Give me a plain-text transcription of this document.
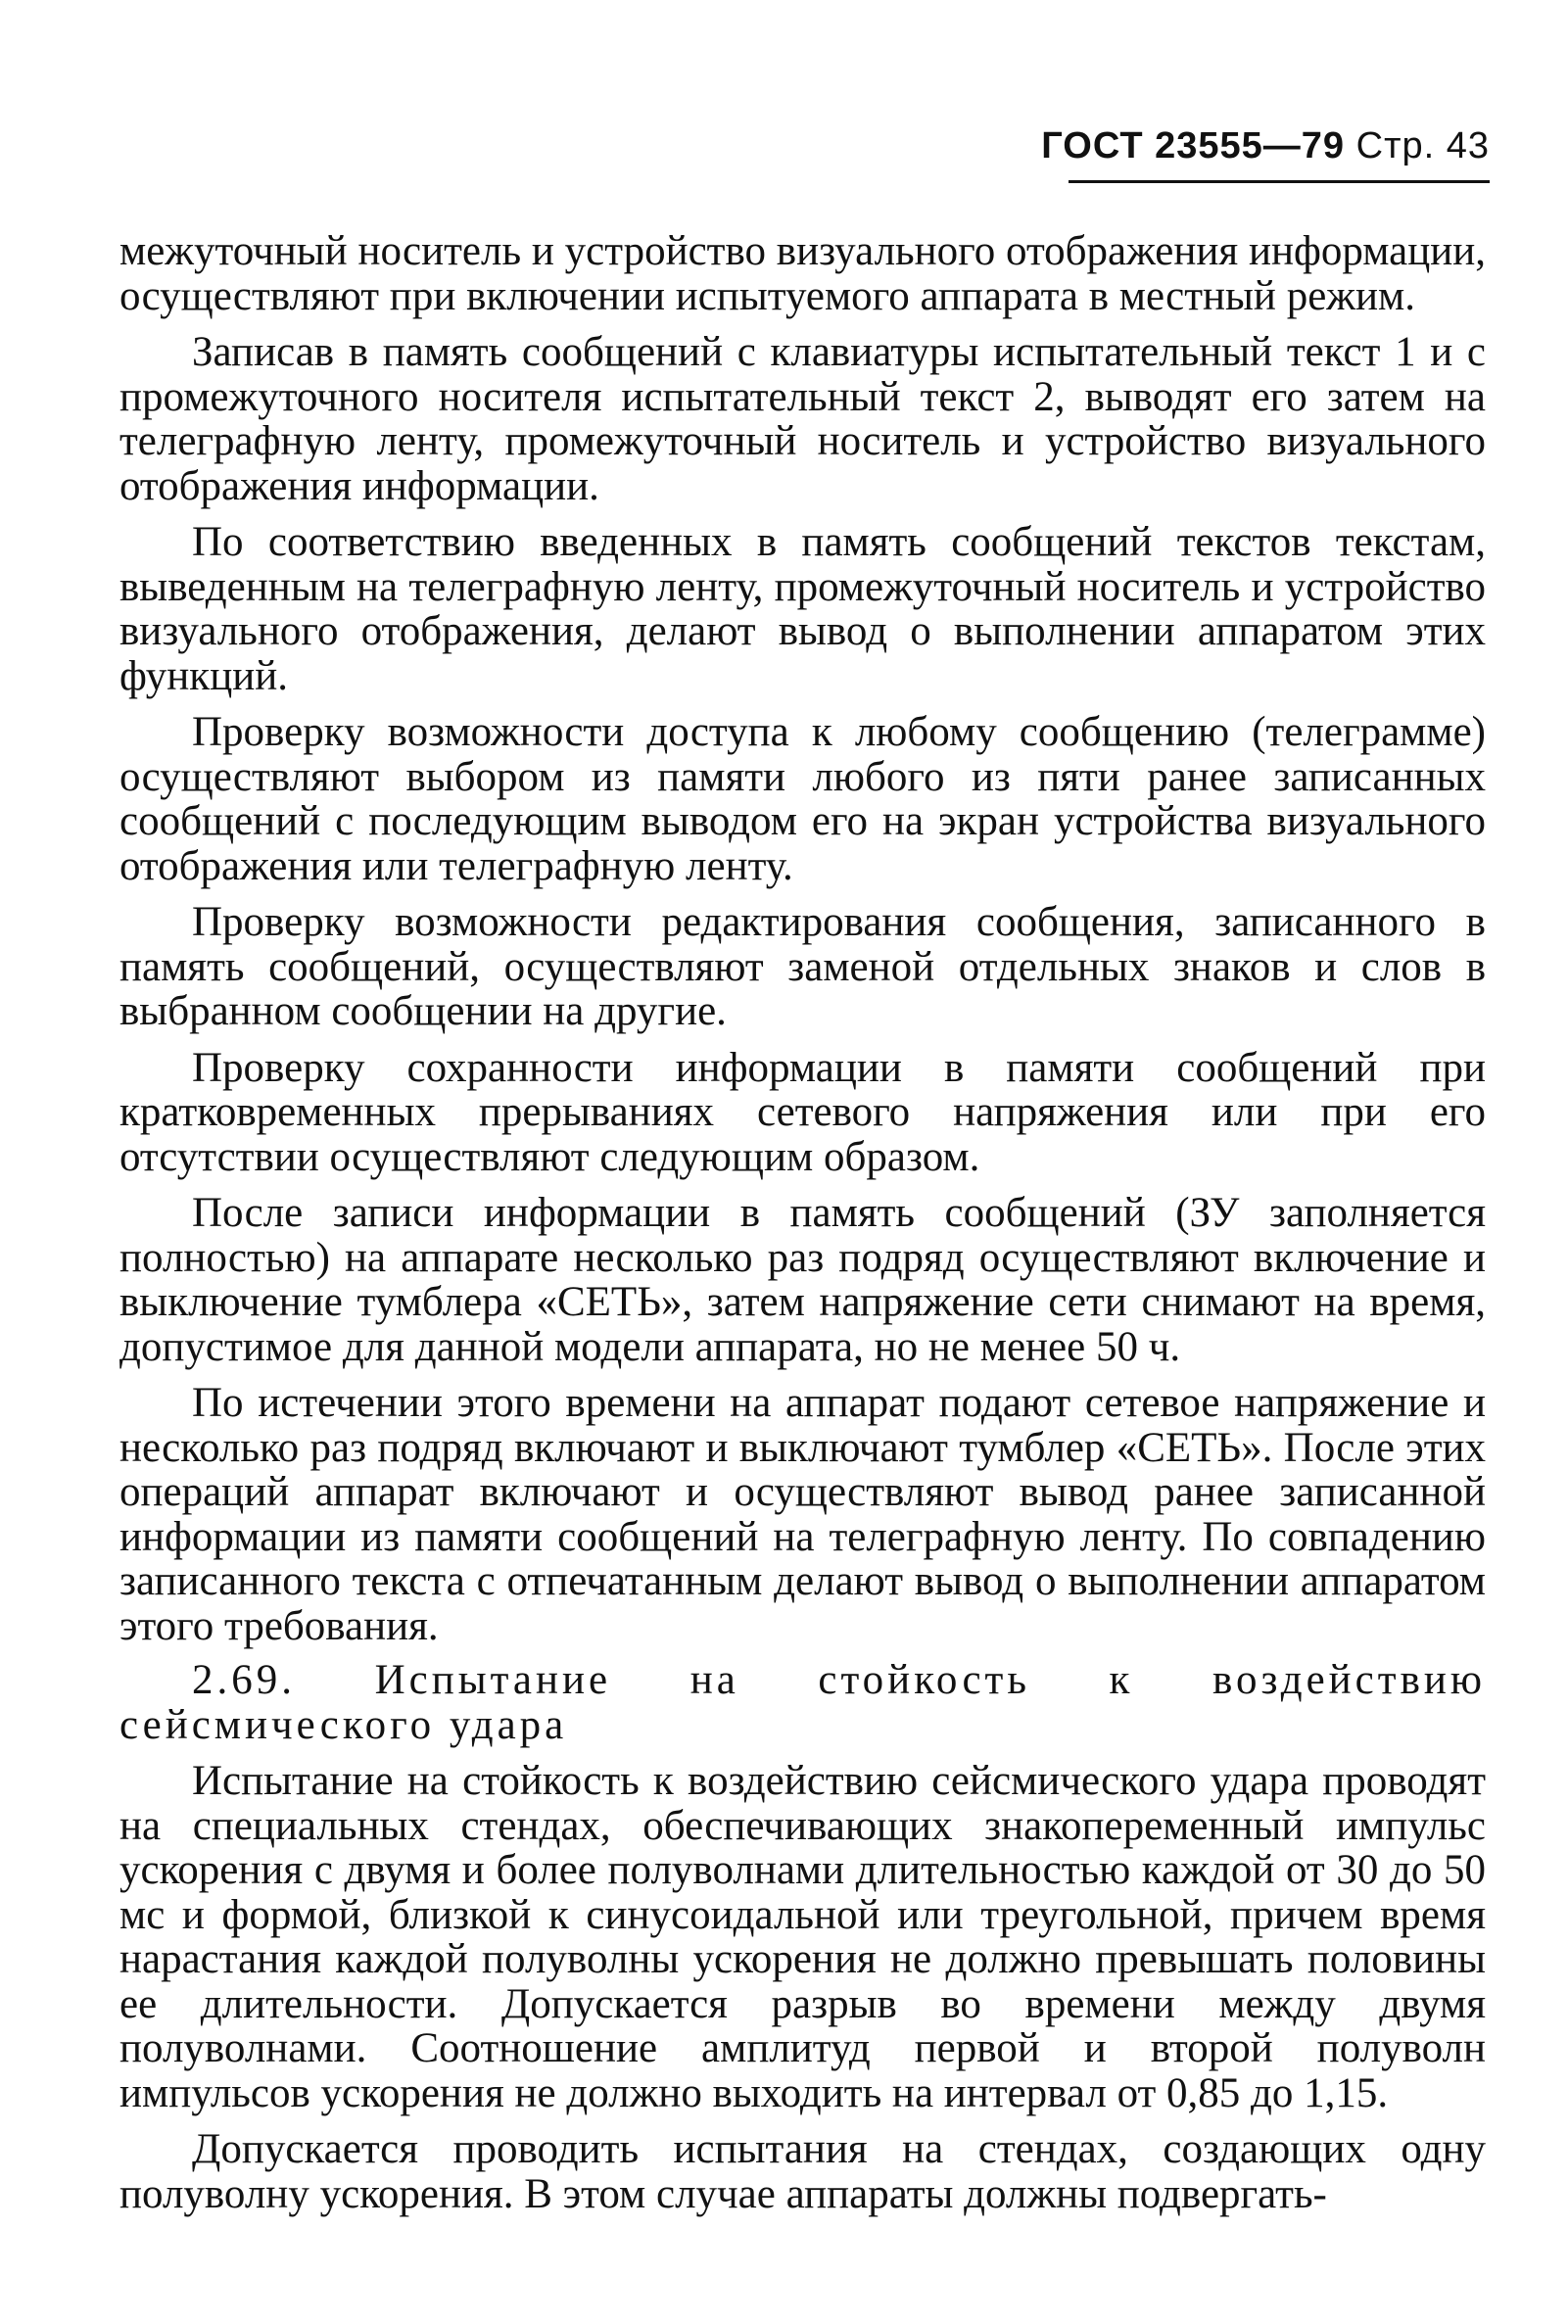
ГОСТ 23555—79 Стр. 43

межуточный носитель и устройство визуального отображения информации, осуществляют при включении испытуемого аппарата в местный режим.

Записав в память сообщений с клавиатуры испытательный текст 1 и с промежуточного носителя испытательный текст 2, выводят его затем на телеграфную ленту, промежуточный носитель и устройство визуального отображения информации.

По соответствию введенных в память сообщений текстов текстам, выведенным на телеграфную ленту, промежуточный носитель и устройство визуального отображения, делают вывод о выполнении аппаратом этих функций.

Проверку возможности доступа к любому сообщению (телеграмме) осуществляют выбором из памяти любого из пяти ранее записанных сообщений с последующим выводом его на экран устройства визуального отображения или телеграфную ленту.

Проверку возможности редактирования сообщения, записанного в память сообщений, осуществляют заменой отдельных знаков и слов в выбранном сообщении на другие.

Проверку сохранности информации в памяти сообщений при кратковременных прерываниях сетевого напряжения или при его отсутствии осуществляют следующим образом.

После записи информации в память сообщений (ЗУ заполняется полностью) на аппарате несколько раз подряд осуществляют включение и выключение тумблера «СЕТЬ», затем напряжение сети снимают на время, допустимое для данной модели аппарата, но не менее 50 ч.

По истечении этого времени на аппарат подают сетевое напряжение и несколько раз подряд включают и выключают тумблер «СЕТЬ». После этих операций аппарат включают и осуществляют вывод ранее записанной информации из памяти сообщений на телеграфную ленту. По совпадению записанного текста с отпечатанным делают вывод о выполнении аппаратом этого требования.

2.69. Испытание на стойкость к воздействию сейсмического удара

Испытание на стойкость к воздействию сейсмического удара проводят на специальных стендах, обеспечивающих знакопеременный импульс ускорения с двумя и более полуволнами длительностью каждой от 30 до 50 мс и формой, близкой к синусоидальной или треугольной, причем время нарастания каждой полуволны ускорения не должно превышать половины ее длительности. Допускается разрыв во времени между двумя полуволнами. Соотношение амплитуд первой и второй полуволн импульсов ускорения не должно выходить на интервал от 0,85 до 1,15.

Допускается проводить испытания на стендах, создающих одну полуволну ускорения. В этом случае аппараты должны подвергать-
